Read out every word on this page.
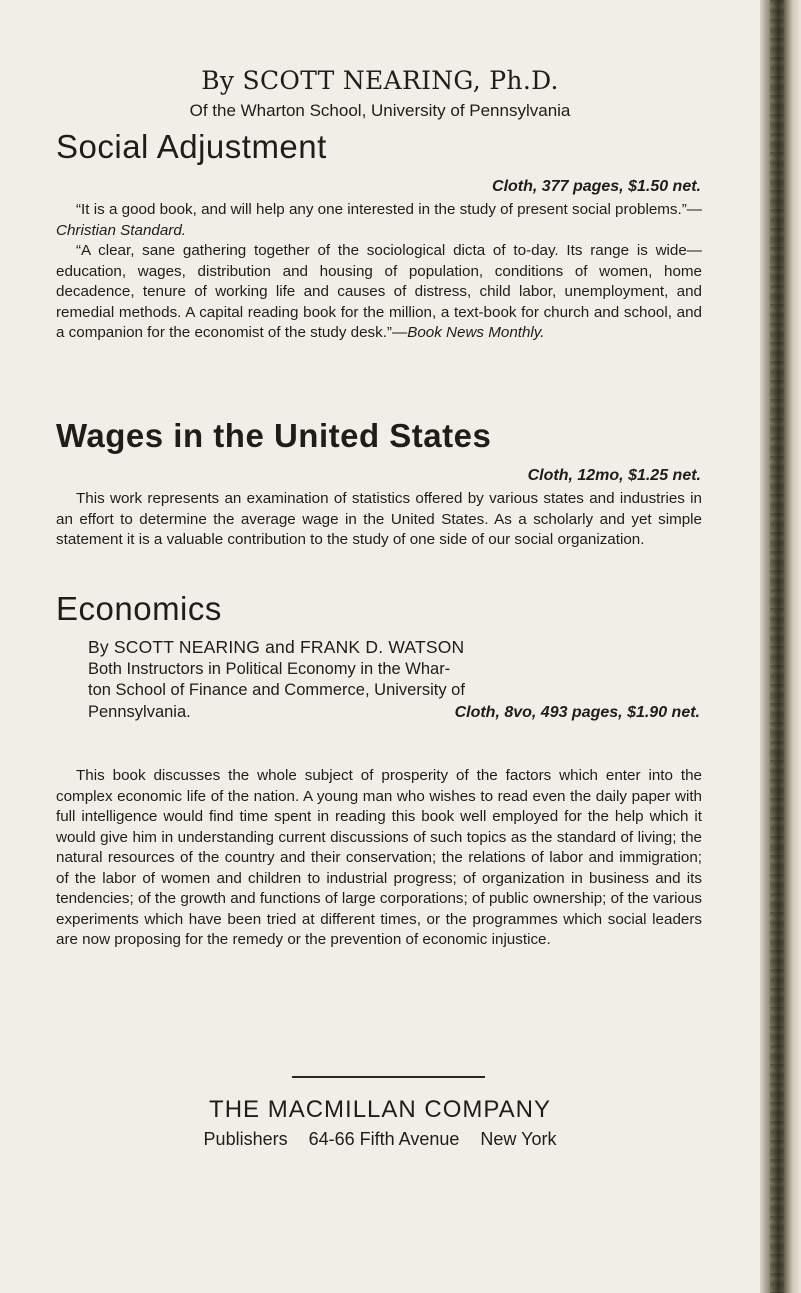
By SCOTT NEARING, Ph.D.
Of the Wharton School, University of Pennsylvania
Social Adjustment
Cloth, 377 pages, $1.50 net.

“It is a good book, and will help any one interested in the study of present social problems.”—Christian Standard.

“A clear, sane gathering together of the sociological dicta of to-day. Its range is wide—education, wages, distribution and housing of population, conditions of women, home decadence, tenure of working life and causes of distress, child labor, unemployment, and remedial methods. A capital reading book for the million, a text-book for church and school, and a companion for the economist of the study desk.”—Book News Monthly.

Wages in the United States
Cloth, 12mo, $1.25 net.

This work represents an examination of statistics offered by various states and industries in an effort to determine the average wage in the United States. As a scholarly and yet simple statement it is a valuable contribution to the study of one side of our social organization.

Economics
By SCOTT NEARING and FRANK D. WATSON
Both Instructors in Political Economy in the Whar-
ton School of Finance and Commerce, University of
Pennsylvania.	Cloth, 8vo, 493 pages, $1.90 net.

This book discusses the whole subject of prosperity of the factors which enter into the complex economic life of the nation. A young man who wishes to read even the daily paper with full intelligence would find time spent in reading this book well employed for the help which it would give him in understanding current discussions of such topics as the standard of living; the natural resources of the country and their conservation; the relations of labor and immigration; of the labor of women and children to industrial progress; of organization in business and its tendencies; of the growth and functions of large corporations; of public ownership; of the various experiments which have been tried at different times, or the programmes which social leaders are now proposing for the remedy or the prevention of economic injustice.

THE MACMILLAN COMPANY
Publishers 64-66 Fifth Avenue New York
